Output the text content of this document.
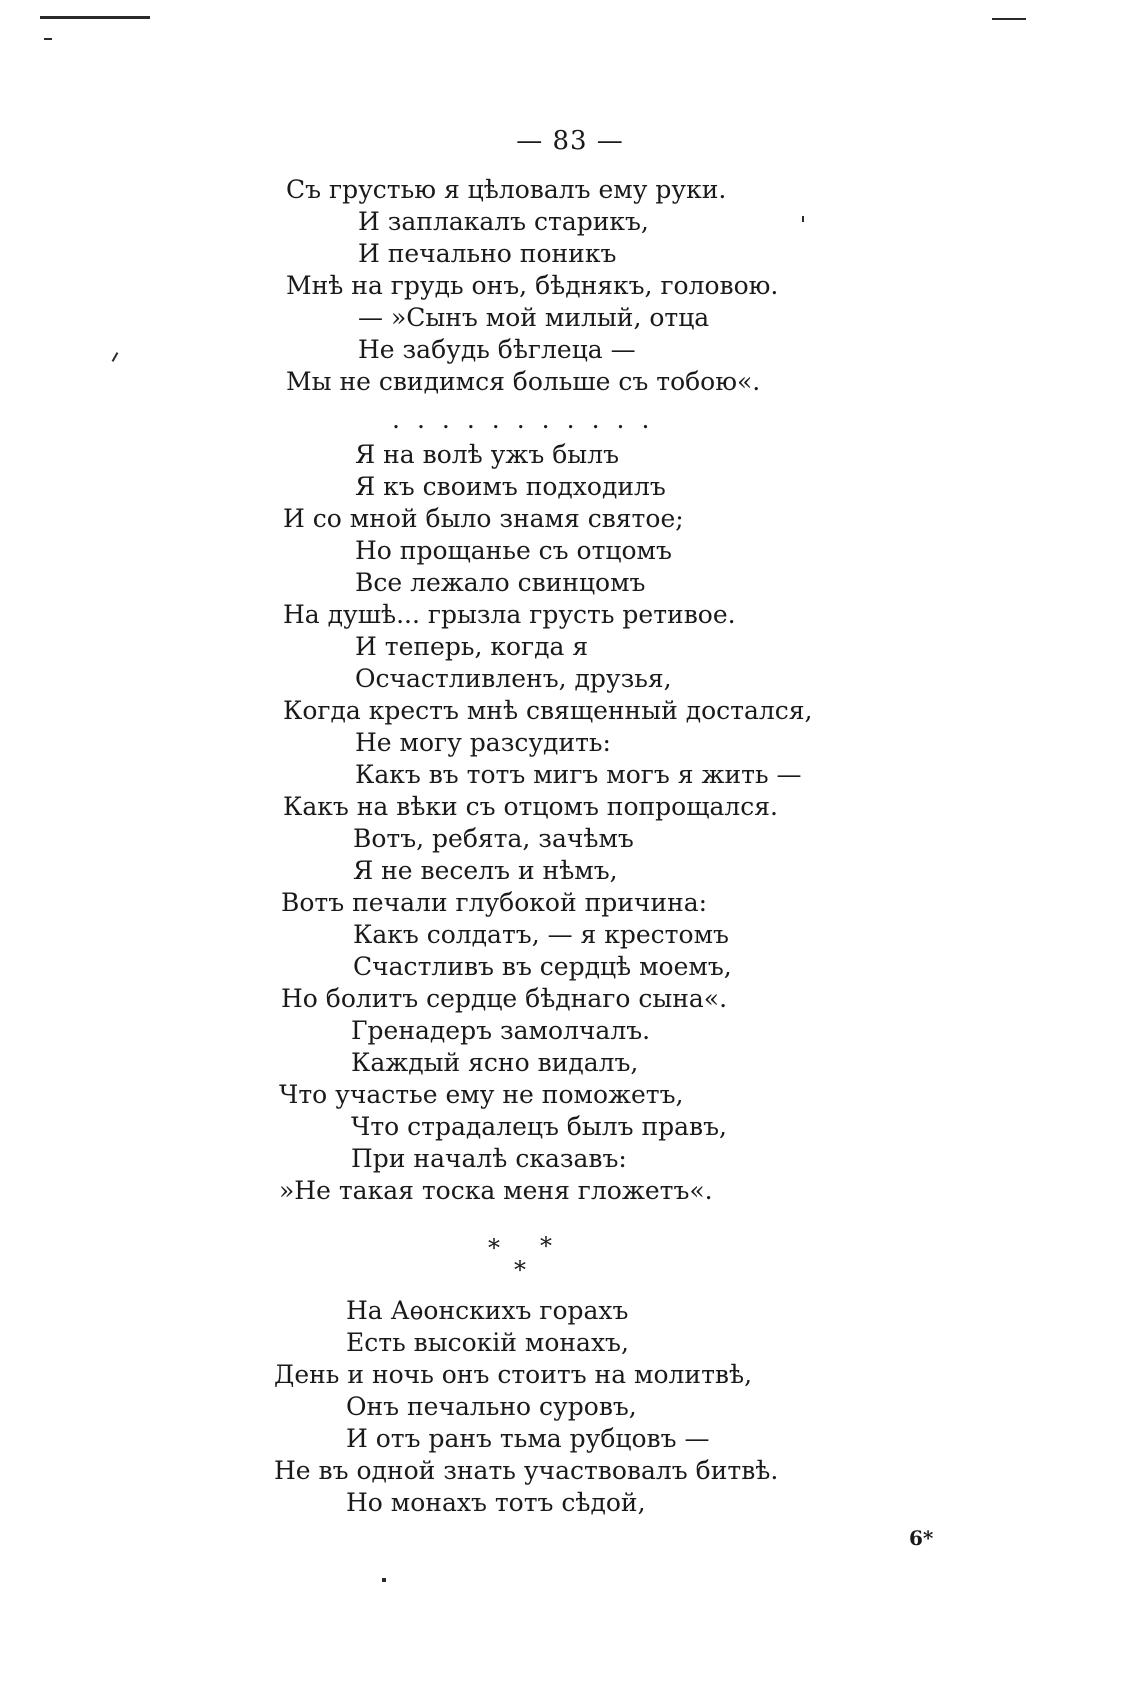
— 83 —
Съ грустью я цѣловалъ ему руки.
И заплакалъ старикъ,
И печально поникъ
Мнѣ на грудь онъ, бѣднякъ, головою.
— »Сынъ мой милый, отца
Не забудь бѣглеца —
Мы не свидимся больше съ тобою«.
...........
Я на волѣ ужъ былъ
Я къ своимъ подходилъ
И со мной было знамя святое;
Но прощанье съ отцомъ
Все лежало свинцомъ
На душѣ... грызла грусть ретивое.
И теперь, когда я
Осчастливленъ, друзья,
Когда крестъ мнѣ священный достался,
Не могу разсудить:
Какъ въ тотъ мигъ могъ я жить —
Какъ на вѣки съ отцомъ попрощался.
Вотъ, ребята, зачѣмъ
Я не веселъ и нѣмъ,
Вотъ печали глубокой причина:
Какъ солдатъ, — я крестомъ
Счастливъ въ сердцѣ моемъ,
Но болитъ сердце бѣднаго сына«.
Гренадеръ замолчалъ.
Каждый ясно видалъ,
Что участье ему не поможетъ,
Что страдалецъ былъ правъ,
При началѣ сказавъ:
»Не такая тоска меня гложетъ«.
* *
*
На Аѳонскихъ горахъ
Есть высокій монахъ,
День и ночь онъ стоитъ на молитвѣ,
Онъ печально суровъ,
И отъ ранъ тьма рубцовъ —
Не въ одной знать участвовалъ битвѣ.
Но монахъ тотъ сѣдой,
6*
